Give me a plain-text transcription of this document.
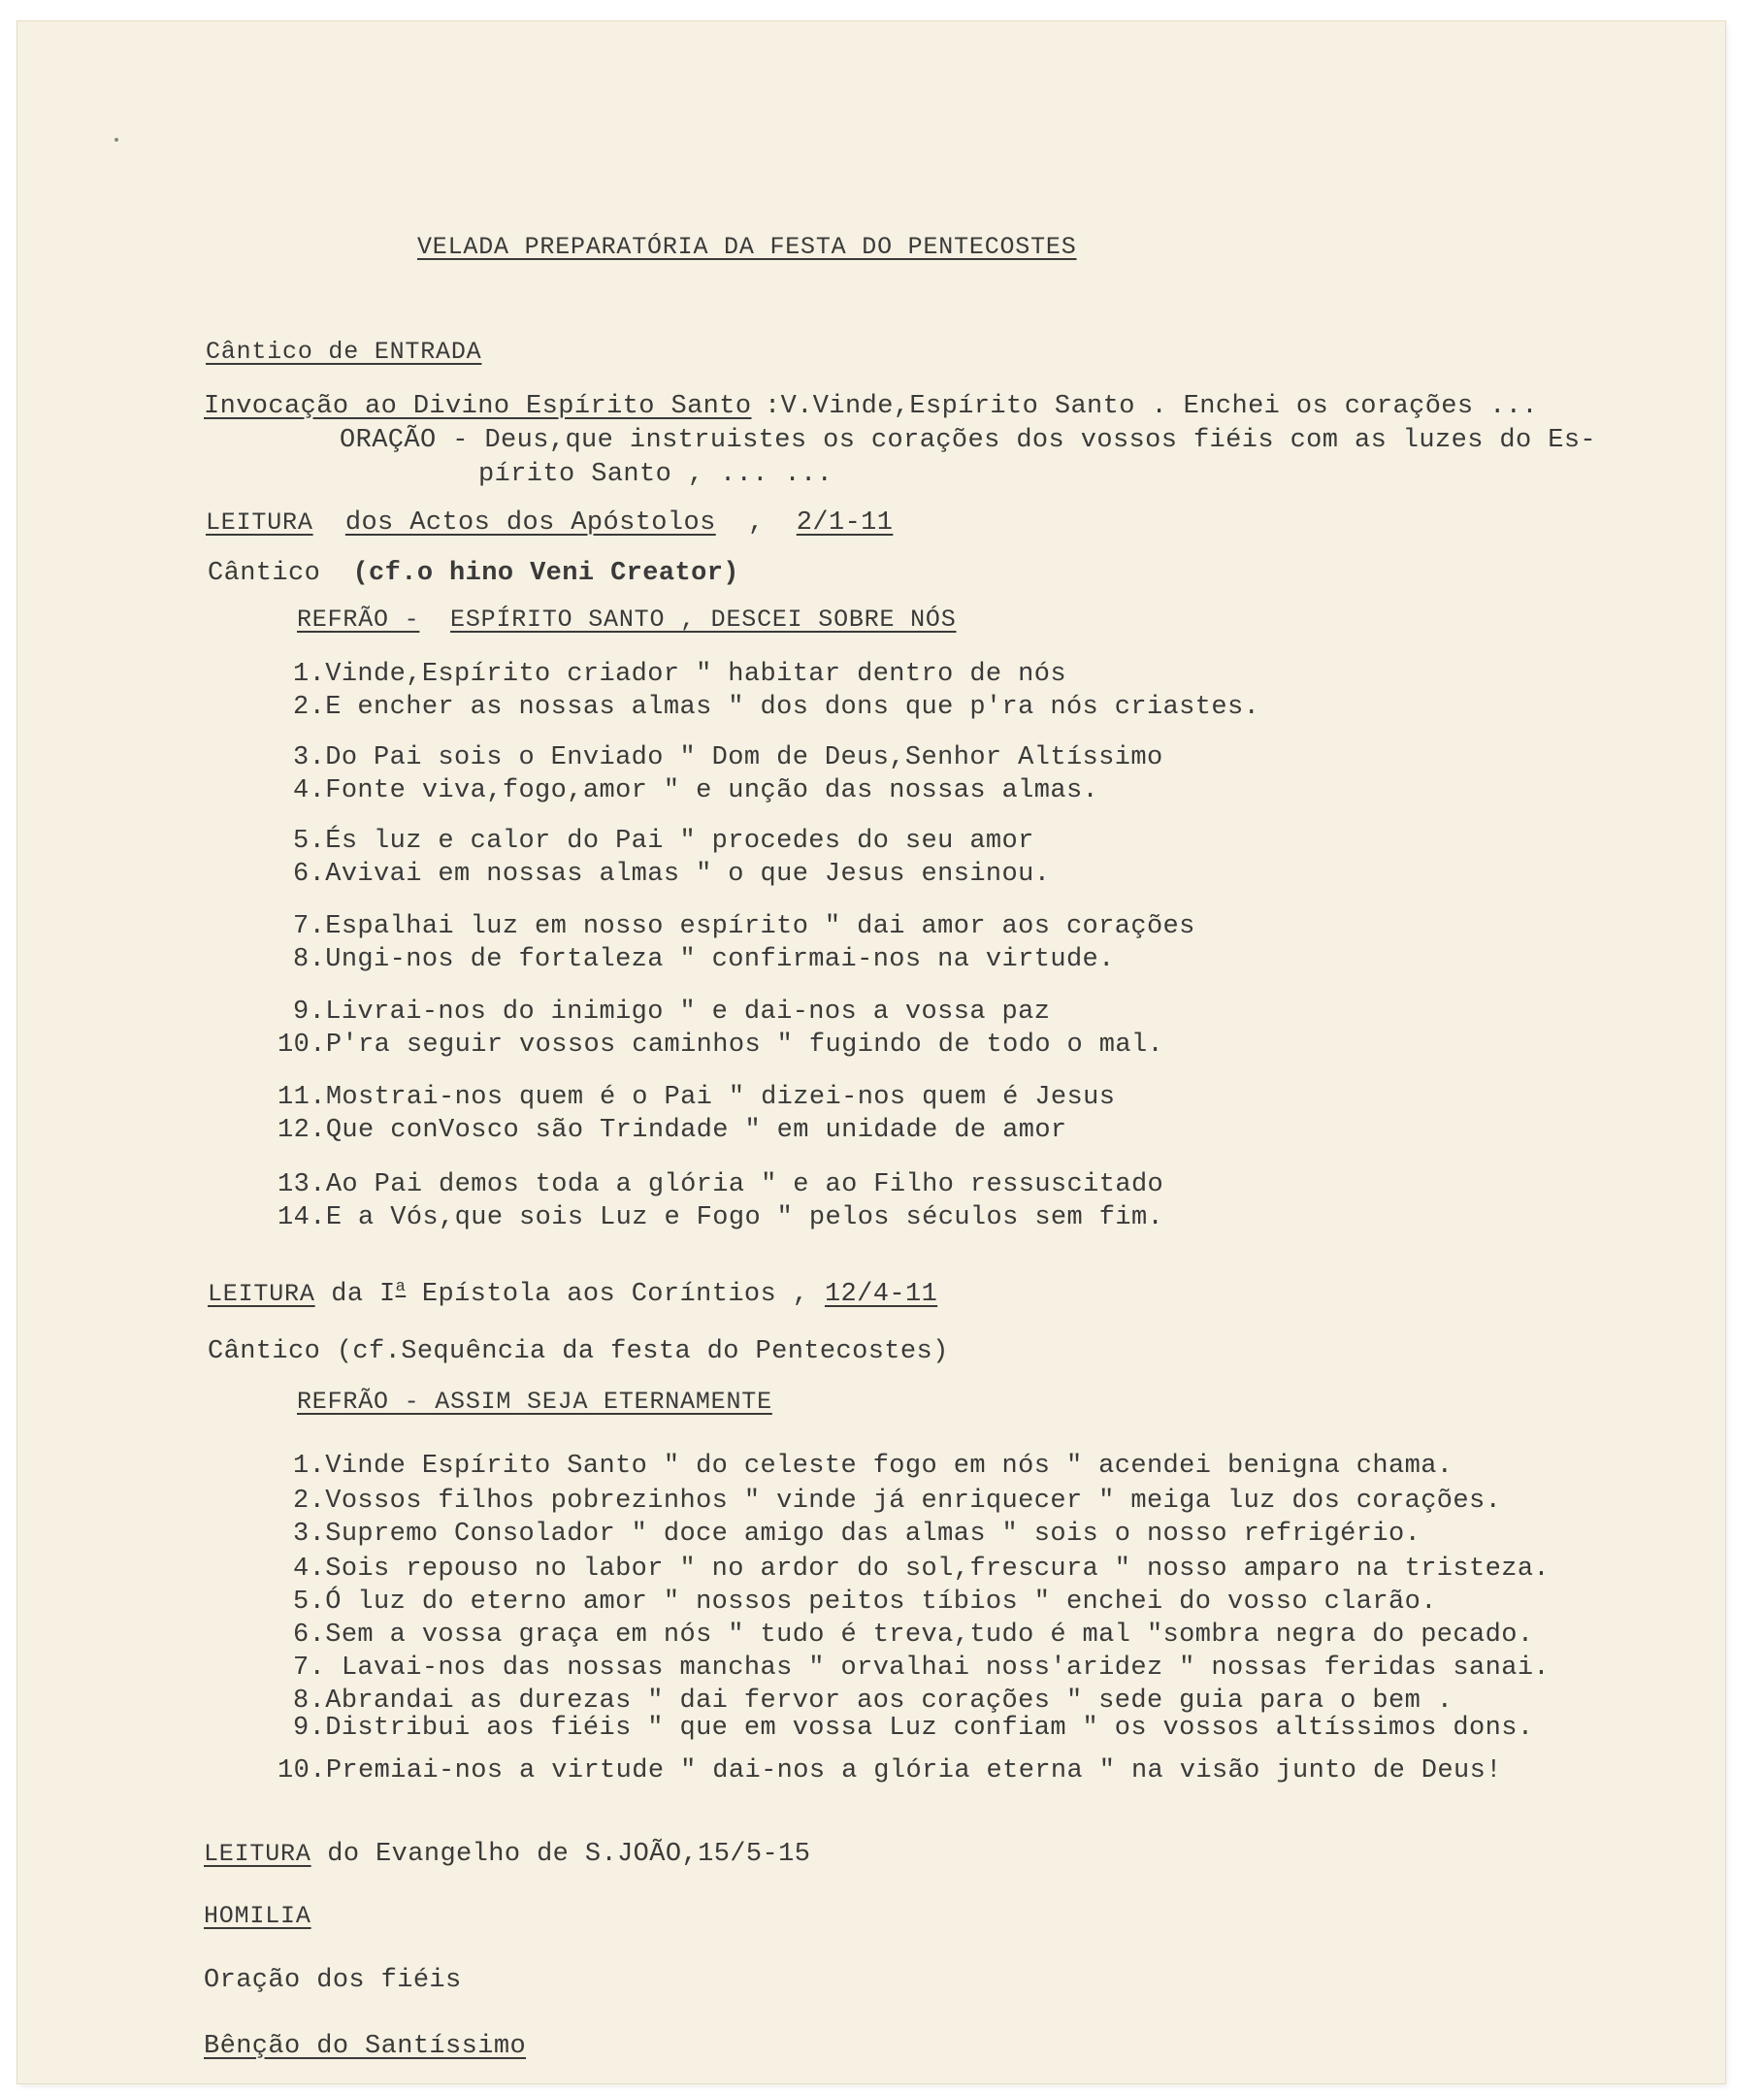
VELADA PREPARATÓRIA DA FESTA DO PENTECOSTES
Cântico de ENTRADA
Invocação ao Divino Espírito Santo :V.Vinde,Espírito Santo . Enchei os corações ...
ORAÇÃO - Deus,que instruistes os corações dos vossos fiéis com as luzes do Es-
pírito Santo , ... ...
LEITURA dos Actos dos Apóstolos , 2/1-11
Cântico (cf.o hino Veni Creator)
REFRÃO - ESPÍRITO SANTO , DESCEI SOBRE NÓS
1.Vinde,Espírito criador " habitar dentro de nós
2.E encher as nossas almas " dos dons que p'ra nós criastes.
3.Do Pai sois o Enviado " Dom de Deus,Senhor Altíssimo
4.Fonte viva,fogo,amor " e unção das nossas almas.
5.És luz e calor do Pai " procedes do seu amor
6.Avivai em nossas almas " o que Jesus ensinou.
7.Espalhai luz em nosso espírito " dai amor aos corações
8.Ungi-nos de fortaleza " confirmai-nos na virtude.
9.Livrai-nos do inimigo " e dai-nos a vossa paz
10.P'ra seguir vossos caminhos " fugindo de todo o mal.
11.Mostrai-nos quem é o Pai " dizei-nos quem é Jesus
12.Que conVosco são Trindade " em unidade de amor
13.Ao Pai demos toda a glória " e ao Filho ressuscitado
14.E a Vós,que sois Luz e Fogo " pelos séculos sem fim.
LEITURA da $I^a$ Epístola aos Coríntios , 12/4-11
Cântico (cf.Sequência da festa do Pentecostes)
REFRÃO - ASSIM SEJA ETERNAMENTE
1.Vinde Espírito Santo " do celeste fogo em nós " acendei benigna chama.
2.Vossos filhos pobrezinhos " vinde já enriquecer " meiga luz dos corações.
3.Supremo Consolador " doce amigo das almas " sois o nosso refrigério.
4.Sois repouso no labor " no ardor do sol,frescura " nosso amparo na tristeza.
5.Ó luz do eterno amor " nossos peitos tíbios " enchei do vosso clarão.
6.Sem a vossa graça em nós " tudo é treva,tudo é mal "sombra negra do pecado.
7. Lavai-nos das nossas manchas " orvalhai noss'aridez " nossas feridas sanai.
8.Abrandai as durezas " dai fervor aos corações " sede guia para o bem .
9.Distribui aos fiéis " que em vossa Luz confiam " os vossos altíssimos dons.
10.Premiai-nos a virtude " dai-nos a glória eterna " na visão junto de Deus!
LEITURA do Evangelho de S.JOÃO,15/5-15
HOMILIA
Oração dos fiéis
Bênção do Santíssimo
